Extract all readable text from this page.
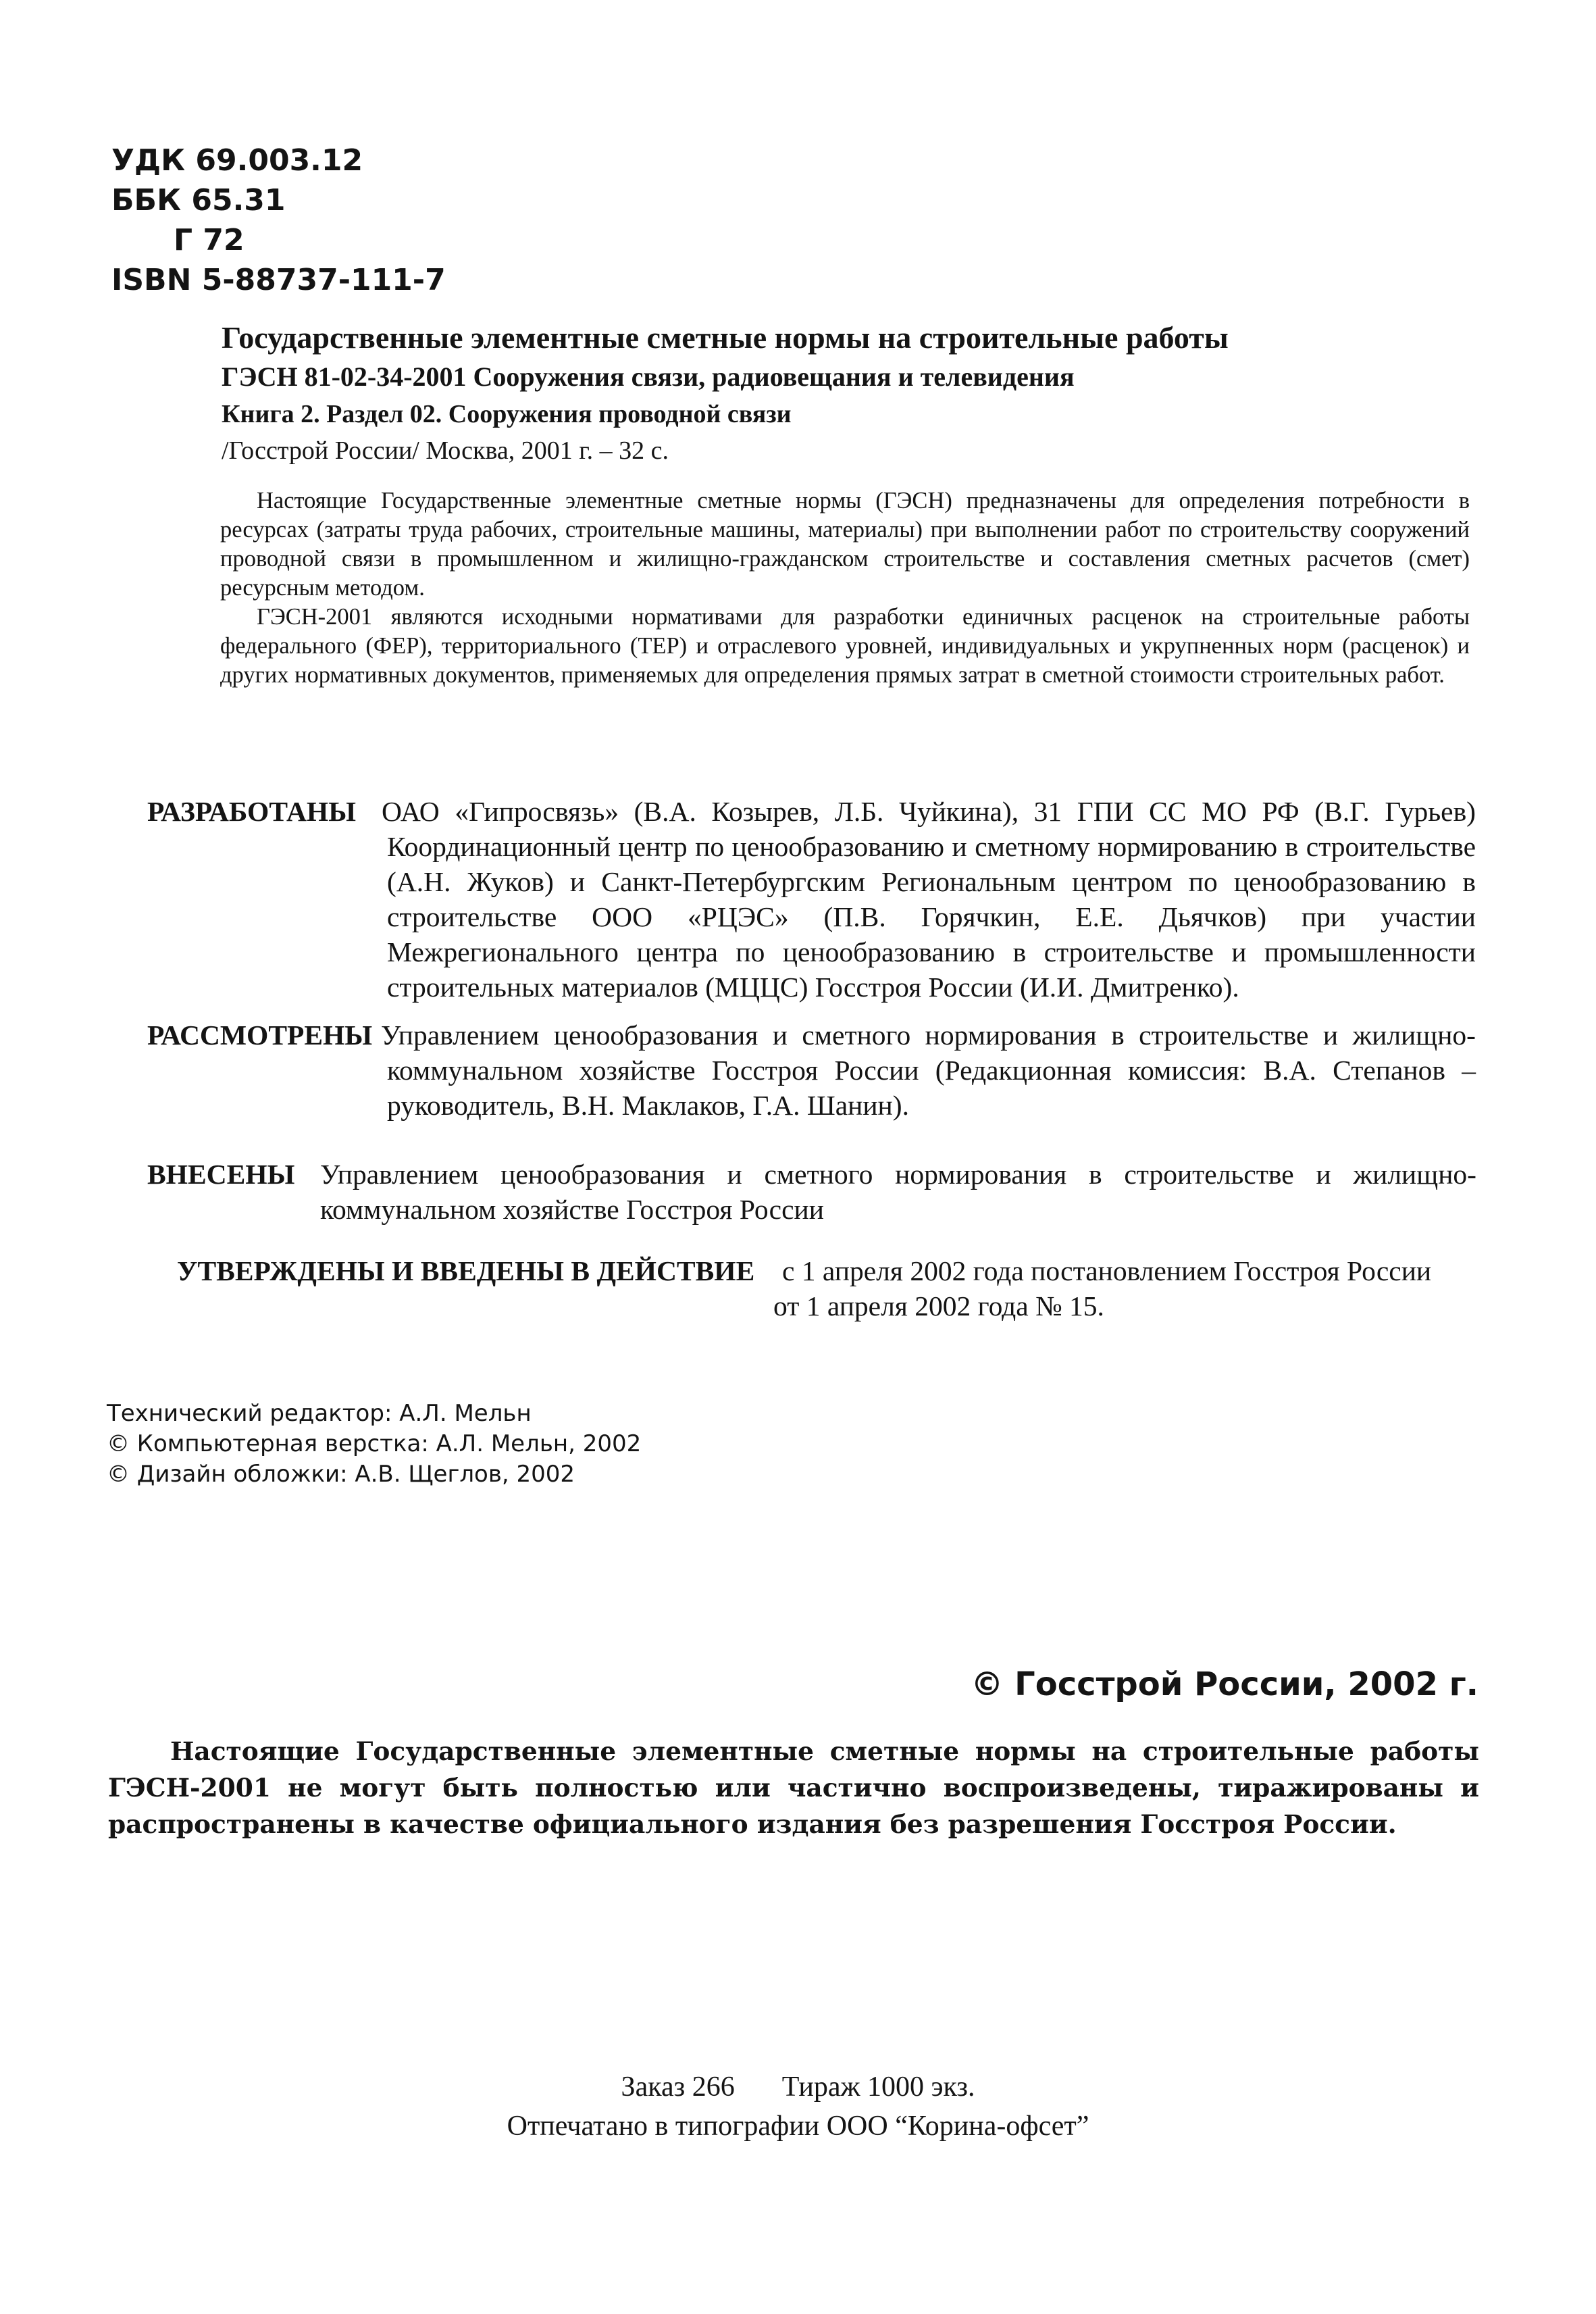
УДК 69.003.12
ББК 65.31
Г 72
ISBN 5-88737-111-7
Государственные элементные сметные нормы на строительные работы
ГЭСН 81-02-34-2001 Сооружения связи, радиовещания и телевидения
Книга 2. Раздел 02. Сооружения проводной связи
/Госстрой России/ Москва, 2001 г. – 32 с.

Настоящие Государственные элементные сметные нормы (ГЭСН) предназначены для определения потребности в ресурсах (затраты труда рабочих, строительные машины, материалы) при выполнении работ по строительству сооружений проводной связи в промышленном и жилищно-гражданском строительстве и составления сметных расчетов (смет) ресурсным методом.

ГЭСН-2001 являются исходными нормативами для разработки единичных расценок на строительные работы федерального (ФЕР), территориального (ТЕР) и отраслевого уровней, индивидуальных и укрупненных норм (расценок) и других нормативных документов, применяемых для определения прямых затрат в сметной стоимости строительных работ.

РАЗРАБОТАНЫ ОАО «Гипросвязь» (В.А. Козырев, Л.Б. Чуйкина), 31 ГПИ СС МО РФ (В.Г. Гурьев) Координационный центр по ценообразованию и сметному нормированию в строительстве (А.Н. Жуков) и Санкт-Петербургским Региональным центром по ценообразованию в строительстве ООО «РЦЭС» (П.В. Горячкин, Е.Е. Дьячков) при участии Межрегионального центра по ценообразованию в строительстве и промышленности строительных материалов (МЦЦС) Госстроя России (И.И. Дмитренко).
РАССМОТРЕНЫ Управлением ценообразования и сметного нормирования в строительстве и жилищно-коммунальном хозяйстве Госстроя России (Редакционная комиссия: В.А. Степанов – руководитель, В.Н. Маклаков, Г.А. Шанин).
ВНЕСЕНЫ Управлением ценообразования и сметного нормирования в строительстве и жилищно-коммунальном хозяйстве Госстроя России
УТВЕРЖДЕНЫ И ВВЕДЕНЫ В ДЕЙСТВИЕ с 1 апреля 2002 года постановлением Госстроя России
от 1 апреля 2002 года № 15.
Технический редактор: А.Л. Мельн
© Компьютерная верстка: А.Л. Мельн, 2002
© Дизайн обложки: А.В. Щеглов, 2002
© Госстрой России, 2002 г.
Настоящие Государственные элементные сметные нормы на строительные работы ГЭСН-2001 не могут быть полностью или частично воспроизведены, тиражированы и распространены в качестве официального издания без разрешения Госстроя России.
Заказ 266 Тираж 1000 экз.
Отпечатано в типографии ООО “Корина-офсет”
